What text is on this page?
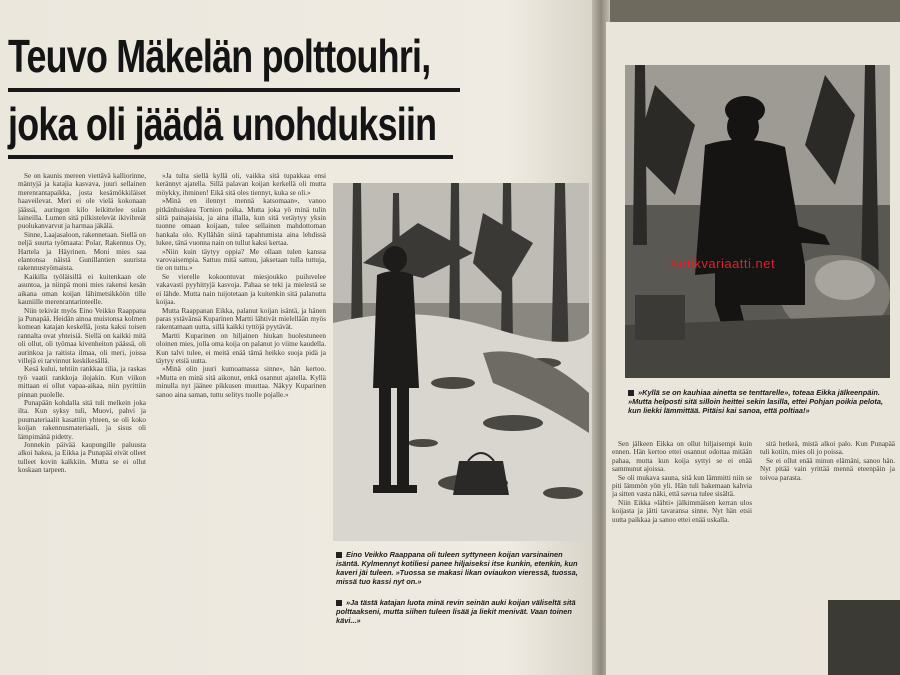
Teuvo Mäkelän polttouhri,
joka oli jäädä unohduksiin

Se on kaunis mereen viettävä kalliorinne, mäntyjä ja katajia kasvava, juuri sellainen merenrantapaikka, josta kesämökkiläiset haaveilevat. Meri ei ole vielä kokonaan jäässä, auringon kilo leikittelee sulan laineilla. Lumen sitä pilkistelevät ikivihreät puolukanvarvut ja harmaa jäkälä.

Sinne, Laajasaloon, rakennetaan. Siellä on neljä suurta työmaata: Polar, Rakennus Oy, Hartela ja Häyrinen. Moni mies saa elantonsa näistä Gunillantien suurista rakennustyömaista.

Kaikilla työläisillä ei kuitenkaan ole asuntoa, ja niinpä moni mies rakensi kesän aikana oman koijan lähimetsikköön tille kauniille merenrantarinteelle.

Niin tekivät myös Eino Veikko Raappana ja Punapää. Heidän ainoa muistonsa kolmen komean katajan keskellä, josta kaksi toisen rannalta ovat yhteisiä. Siellä on kaikki mitä oli ollut, oli työmaa kivenheiton päässä, oli aurinkoa ja raitista ilmaa, oli meri, joissa villejä ei tarvinnut keskikesällä.

Kesä kului, tehtiin rankkaa tilia, ja raskas työ vaatii rankkoja ilojakin. Kun viikon mittaan ei ollut vapaa-aikaa, niin pyrittiin pinnan puolelle.

Punapään kohdalla sitä tuli melkein joka ilta. Kun syksy tuli, Muovi, pahvi ja puumateriaalit kasattiin yhteen, se oli koko koijan rakennusmateriaali, ja sisus oli lämpimänä pidetty.

Jonnekin päivää kaupungille paluusta alkoi hakea, ja Eikka ja Punapää eivät olleet tulleet kovin kalkkiin. Mutta se ei ollut koskaan tarpeen.

»Ja tulta siellä kyllä oli, vaikka sitä tupakkaa ensi kerännyt ajatella. Sillä palavan koijan kerkellä oli mutta möykky, ihminen! Eikä sitä oles tiennyt, kuka se oli.»

»Minä en ilennyt mennä katsomaan», vanoo pitkänhuiskea Tornion poika. Mutta joka yö minä tulin siitä painajaisia, ja aina illalla, kun sitä vetäytyy yksin tuonne omaan koijaan, tulee sellainen mahdottoman hankala olo. Kyllähän siinä tapahtumista aina lehdissä lukee, tänä vuonna nain on tullut kaksi kertaa.

»Niin kuin täytyy oppia? Me ollaan tulen kanssa varovaisempia. Sattuu mitä sattuu, jaksetaan tulla tuttuja, tie on tuttu.»

Se vierelle kokoontuvat miesjoukko puiluvelee vakavasti pyyhittyjä kasvoja. Pahaa se teki ja mielestä se ei lähde. Mutta nain tuijotetaan ja kuitenkin sitä palanutta koijaa.

Mutta Raappanan Eikka, palanut koijan isäntä, ja hänen paras ystävänsä Kuparinen Martti lähtivät mielellään myös rakentamaan uutta, sillä kaikki tyttöjä pyytävät.

Martti Kuparinen on hiljainen hiukan huolestuneen oloinen mies, jolla oma koija on palanut jo viime kaudella. Kun talvi tulee, ei meitä enää tämä heikko suoja pidä ja täytyy etsiä uutta.

»Minä olin juuri kumoamassa sinne», hän kertoo. »Mutta en minä sitä aikonut, enkä osannut ajatella. Kyllä minulla nyt jäänee pikkusen muuttaa. Näkyy Kuparinen sanoo aina saman, tuttu selitys tuolle pojalle.»

Eino Veikko Raappana oli tuleen syttyneen koijan varsinainen isäntä. Kylmennyt kotiliesi panee hiljaiseksi itse kunkin, etenkin, kun kaveri jäi tuleen. »Tuossa se makasi likan oviaukon vieressä, tuossa, missä tuo kassi nyt on.»
»Ja tästä katajan luota minä revin seinän auki koijan väliseltä sitä polttaakseni, mutta siihen tuleen lisää ja liekit menivät. Vaan toinen kävi...»
Antikvariaatti.net
»Kyllä se on kauhiaa ainetta se tenttarelle», toteaa Eikka jälkeenpäin. »Mutta helposti sitä silloin heittei sekin lasilla, ettei Pohjan poikia pelota, kun liekki lämmittää. Pitäisi kai sanoa, että poltiaa!»

Sen jälkeen Eikka on ollut hiljaisempi kuin ennen. Hän kertoo ettei osannut odottaa mitään pahaa, mutta kun koija syttyi se ei enää sammunut ajoissa.

Se oli mukava sauna, sitä kun lämmitti niin se piti lämmön yön yli. Hän tuli hakemaan kahvia ja sitten vasta näki, että savua tulee sisältä.

Niin Eikka »lähti» jälkimmäisen kerran ulos koijasta ja jätti tavaransa sinne. Nyt hän etsii uutta paikkaa ja sanoo ettei enää uskalla.

sitä hetkeä, mistä alkoi palo. Kun Punapää tuli kotiin, mies oli jo poissa.

Se ei ollut enää minun elämäni, sanoo hän. Nyt pitää vain yrittää mennä eteenpäin ja toivoa parasta.
